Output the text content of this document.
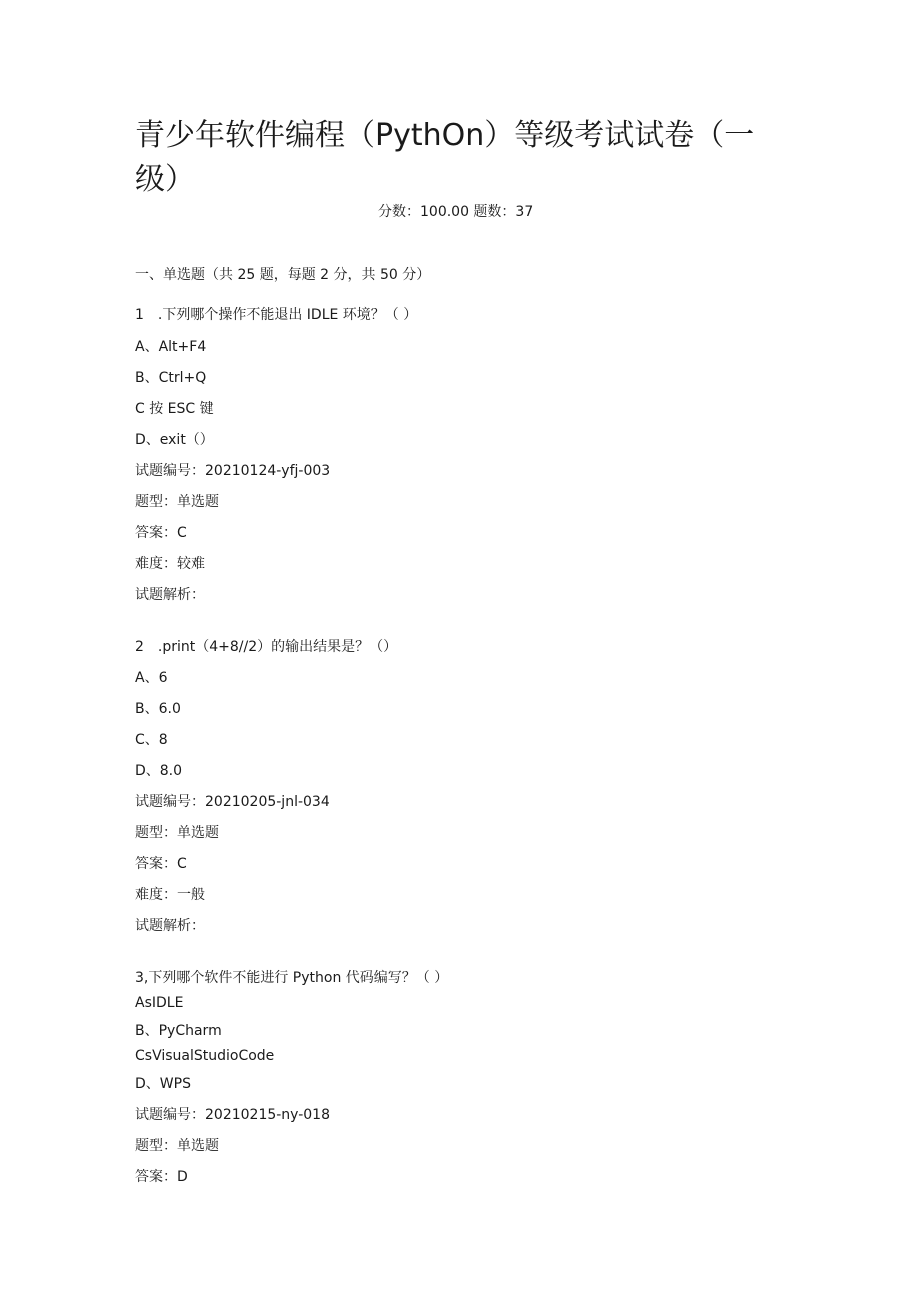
青少年软件编程（PythOn）等级考试试卷（一级）
分数：100.00 题数：37
一、单选题（共 25 题，每题 2 分，共 50 分）
1　.下列哪个操作不能退出 IDLE 环境？（ ）
A、Alt+F4
B、Ctrl+Q
C 按 ESC 键
D、exit（）
试题编号：20210124-yfj-003
题型：单选题
答案：C
难度：较难
试题解析：
2　.print（4+8//2）的输出结果是？（）
A、6
B、6.0
C、8
D、8.0
试题编号：20210205-jnl-034
题型：单选题
答案：C
难度：一般
试题解析：
3,下列哪个软件不能进行 Python 代码编写？（ ）
AsIDLE
B、PyCharm
CsVisualStudioCode
D、WPS
试题编号：20210215-ny-018
题型：单选题
答案：D
